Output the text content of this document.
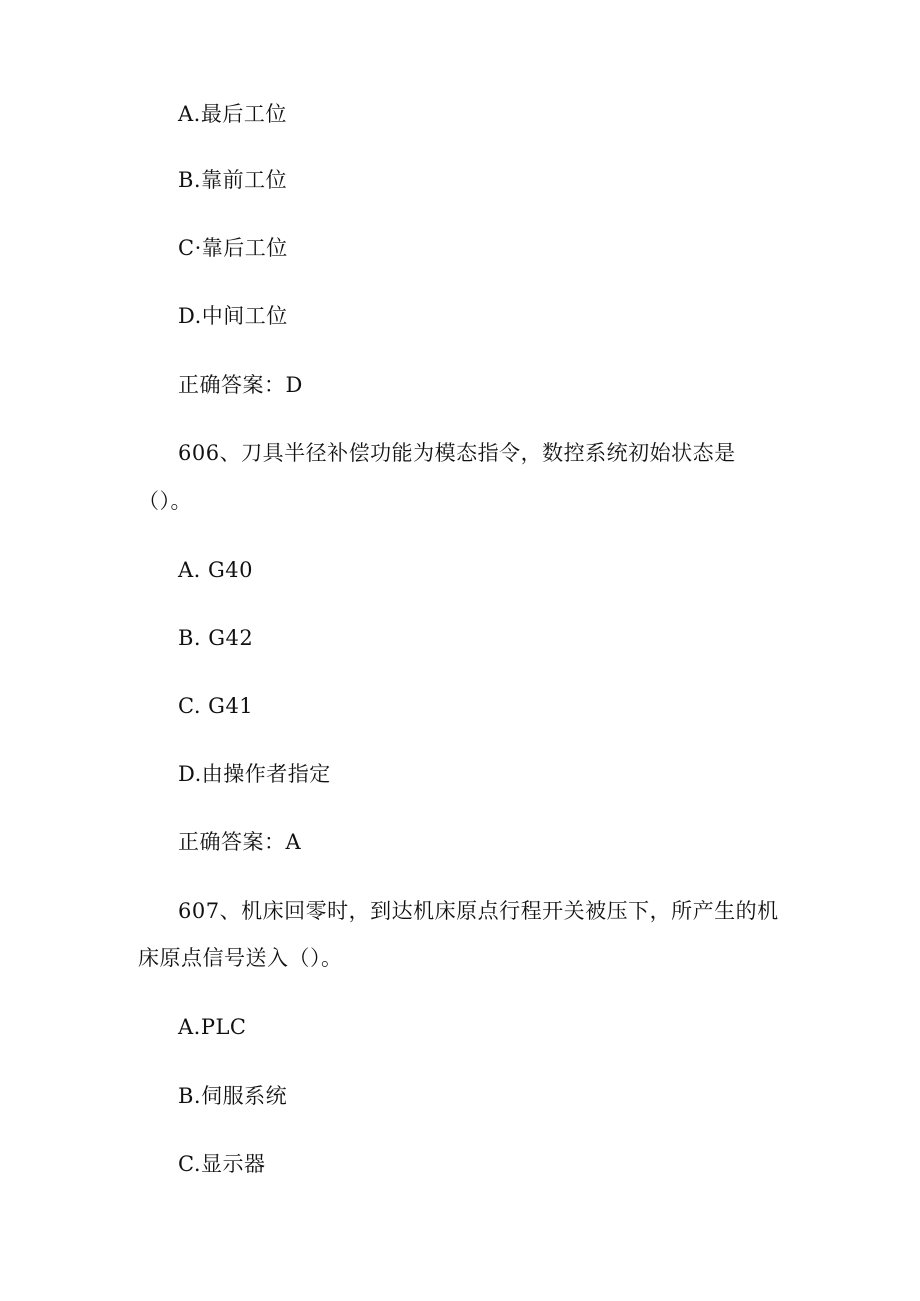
A.最后工位
B.靠前工位
C·靠后工位
D.中间工位
正确答案：D
606、刀具半径补偿功能为模态指令，数控系统初始状态是
（）。
A. G40
B. G42
C. G41
D.由操作者指定
正确答案：A
607、机床回零时，到达机床原点行程开关被压下，所产生的机
床原点信号送入（）。
A.PLC
B.伺服系统
C.显示器
